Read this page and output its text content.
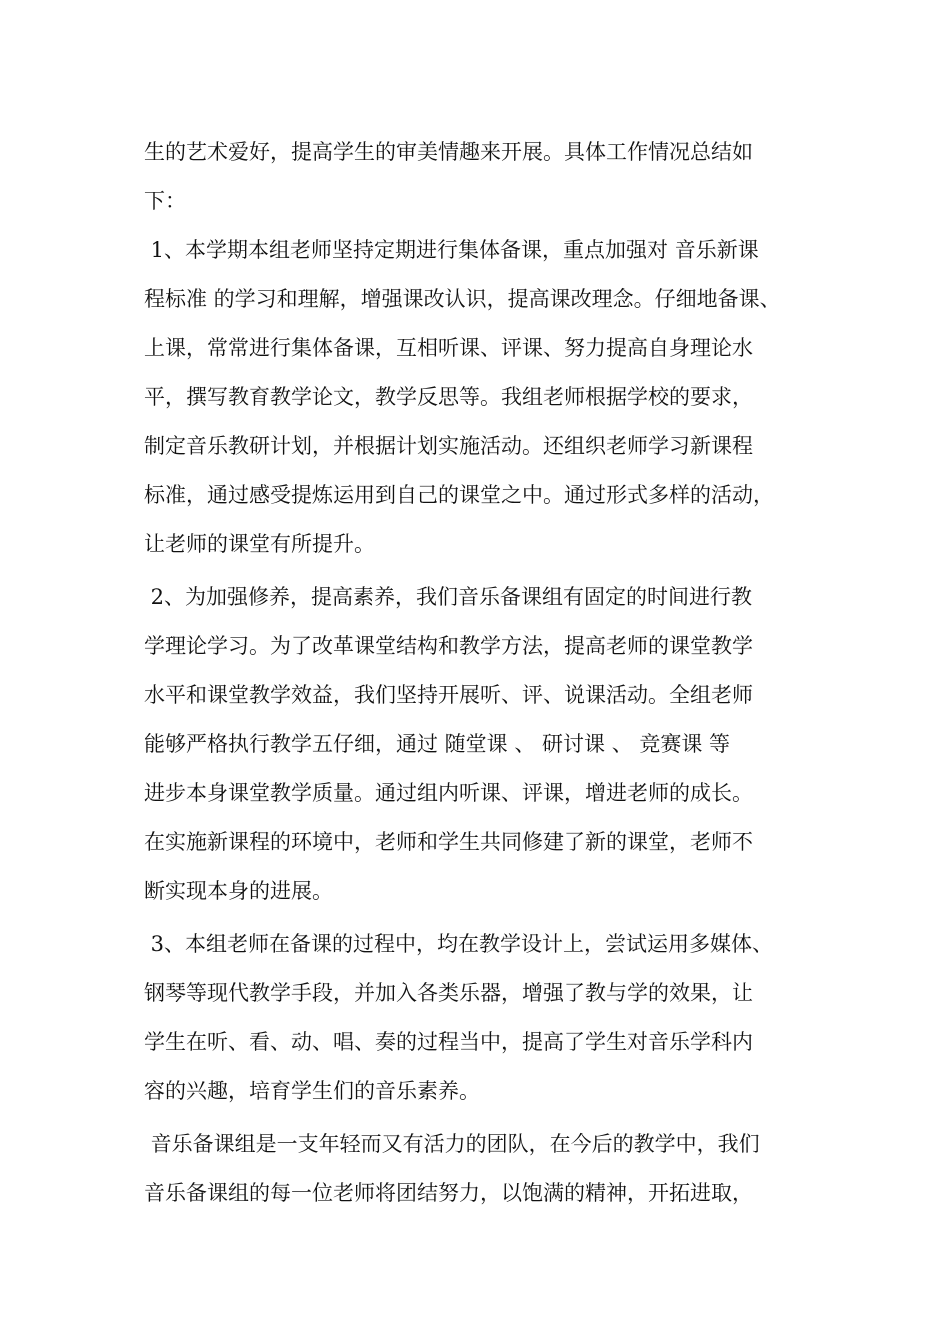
生的艺术爱好，提高学生的审美情趣来开展。具体工作情况总结如
下：
1、本学期本组老师坚持定期进行集体备课，重点加强对 音乐新课
程标准 的学习和理解，增强课改认识，提高课改理念。仔细地备课、
上课，常常进行集体备课，互相听课、评课、努力提高自身理论水
平，撰写教育教学论文，教学反思等。我组老师根据学校的要求，
制定音乐教研计划，并根据计划实施活动。还组织老师学习新课程
标准，通过感受提炼运用到自己的课堂之中。通过形式多样的活动，
让老师的课堂有所提升。
2、为加强修养，提高素养，我们音乐备课组有固定的时间进行教
学理论学习。为了改革课堂结构和教学方法，提高老师的课堂教学
水平和课堂教学效益，我们坚持开展听、评、说课活动。全组老师
能够严格执行教学五仔细，通过 随堂课 、 研讨课 、 竞赛课 等
进步本身课堂教学质量。通过组内听课、评课，增进老师的成长。
在实施新课程的环境中，老师和学生共同修建了新的课堂，老师不
断实现本身的进展。
3、本组老师在备课的过程中，均在教学设计上，尝试运用多媒体、
钢琴等现代教学手段，并加入各类乐器，增强了教与学的效果，让
学生在听、看、动、唱、奏的过程当中，提高了学生对音乐学科内
容的兴趣，培育学生们的音乐素养。
音乐备课组是一支年轻而又有活力的团队，在今后的教学中，我们
音乐备课组的每一位老师将团结努力，以饱满的精神，开拓进取，
